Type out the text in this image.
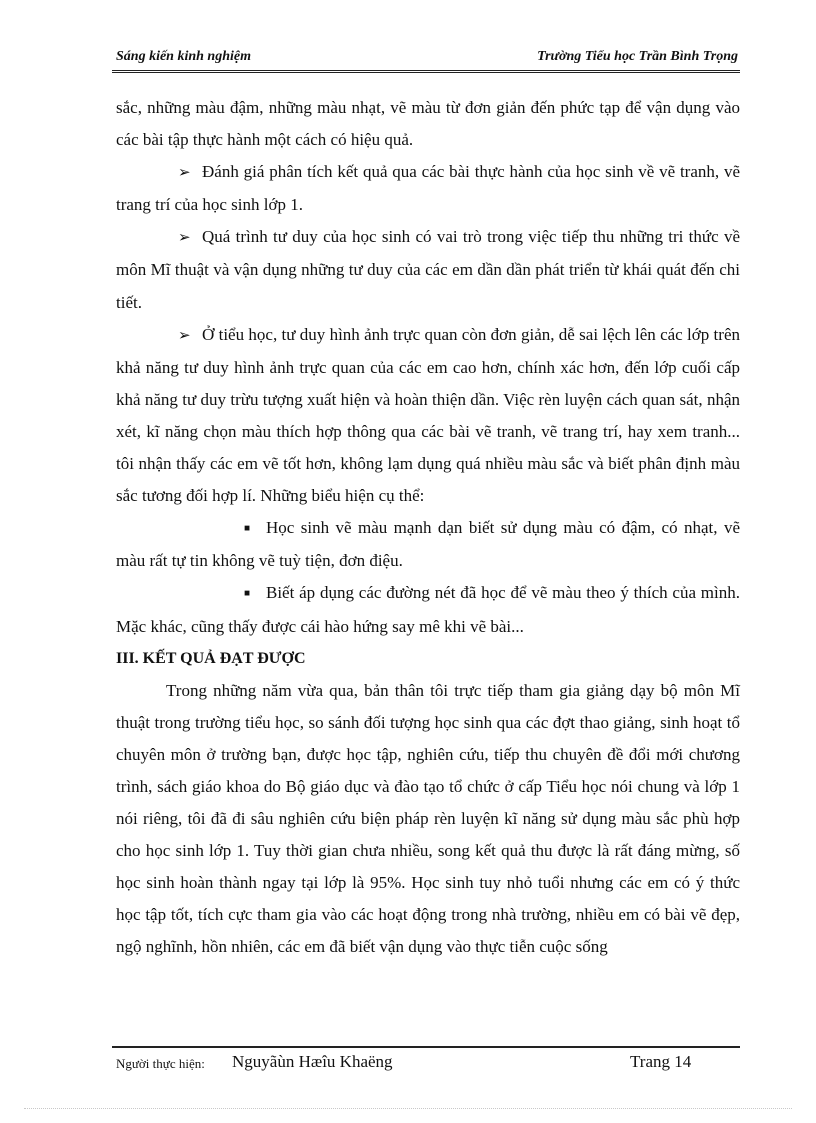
Sáng kiến kinh nghiệm	Trường Tiểu học Trần Bình Trọng

sắc, những màu đậm, những màu nhạt, vẽ màu từ đơn giản đến phức tạp để vận dụng vào các bài tập thực hành một cách có hiệu quả.

➢ Đánh giá phân tích kết quả qua các bài thực hành của học sinh về vẽ tranh, vẽ trang trí của học sinh lớp 1.

➢ Quá trình tư duy của học sinh có vai trò trong việc tiếp thu những tri thức về môn Mĩ thuật và vận dụng những tư duy của các em dần dần phát triển từ khái quát đến chi tiết.

➢ Ở tiểu học, tư duy hình ảnh trực quan còn đơn giản, dễ sai lệch lên các lớp trên khả năng tư duy hình ảnh trực quan của các em cao hơn, chính xác hơn, đến lớp cuối cấp khả năng tư duy trừu tượng xuất hiện và hoàn thiện dần. Việc rèn luyện cách quan sát, nhận xét, kĩ năng chọn màu thích hợp thông qua các bài vẽ tranh, vẽ trang trí, hay xem tranh... tôi nhận thấy các em vẽ tốt hơn, không lạm dụng quá nhiều màu sắc và biết phân định màu sắc tương đối hợp lí. Những biểu hiện cụ thể:

■ Học sinh vẽ màu mạnh dạn biết sử dụng màu có đậm, có nhạt, vẽ màu rất tự tin không vẽ tuỳ tiện, đơn điệu.

■ Biết áp dụng các đường nét đã học để vẽ màu theo ý thích của mình. Mặc khác, cũng thấy được cái hào hứng say mê khi vẽ bài...

III. KẾT QUẢ ĐẠT ĐƯỢC

Trong những năm vừa qua, bản thân tôi trực tiếp tham gia giảng dạy bộ môn Mĩ thuật trong trường tiểu học, so sánh đối tượng học sinh qua các đợt thao giảng, sinh hoạt tổ chuyên môn ở trường bạn, được học tập, nghiên cứu, tiếp thu chuyên đề đổi mới chương trình, sách giáo khoa do Bộ giáo dục và đào tạo tổ chức ở cấp Tiểu học nói chung và lớp 1 nói riêng, tôi đã đi sâu nghiên cứu biện pháp rèn luyện kĩ năng sử dụng màu sắc phù hợp cho học sinh lớp 1. Tuy thời gian chưa nhiều, song kết quả thu được là rất đáng mừng, số học sinh hoàn thành ngay tại lớp là 95%. Học sinh tuy nhỏ tuổi nhưng các em có ý thức học tập tốt, tích cực tham gia vào các hoạt động trong nhà trường, nhiều em có bài vẽ đẹp, ngộ nghĩnh, hồn nhiên, các em đã biết vận dụng vào thực tiễn cuộc sống

Người thực hiện: Nguyãùn Hæîu Khaëng	Trang 14
